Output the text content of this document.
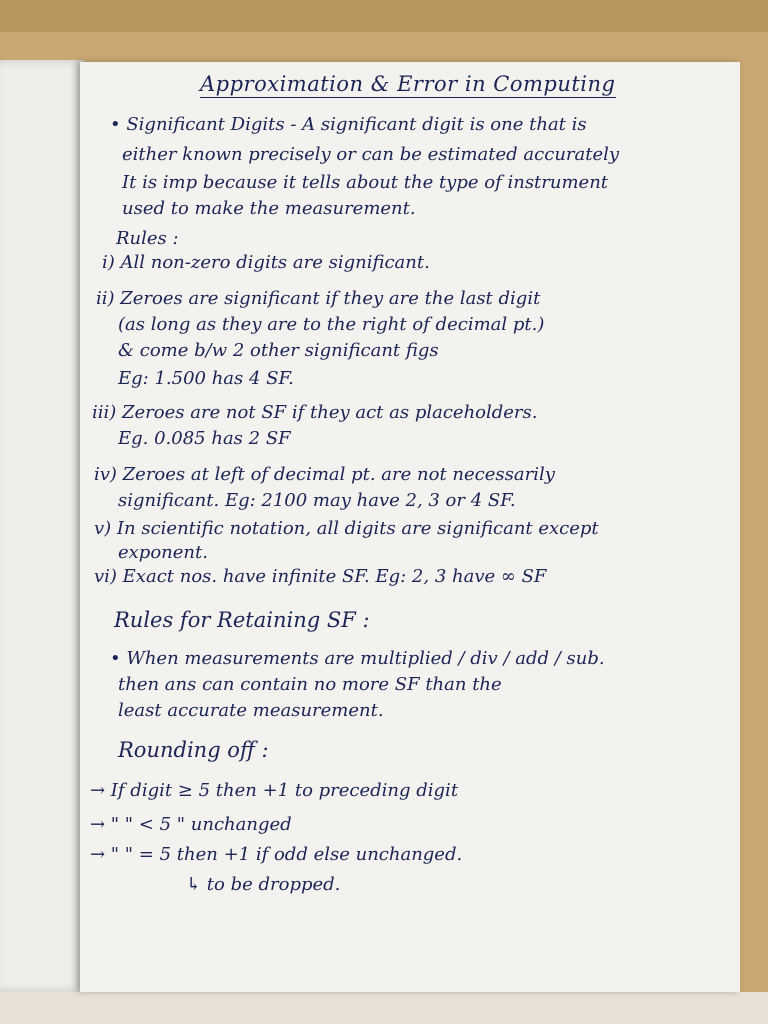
Approximation & Error in Computing
• Significant Digits - A significant digit is one that is
either known precisely or can be estimated accurately
It is imp because it tells about the type of instrument
used to make the measurement.
Rules :
i) All non-zero digits are significant.
ii) Zeroes are significant if they are the last digit
(as long as they are to the right of decimal pt.)
& come b/w 2 other significant figs
Eg: 1.500 has 4 SF.
iii) Zeroes are not SF if they act as placeholders.
Eg. 0.085 has 2 SF
iv) Zeroes at left of decimal pt. are not necessarily
significant. Eg: 2100 may have 2, 3 or 4 SF.
v) In scientific notation, all digits are significant except
exponent.
vi) Exact nos. have infinite SF. Eg: 2, 3 have ∞ SF
Rules for Retaining SF :
• When measurements are multiplied / div / add / sub.
then ans can contain no more SF than the
least accurate measurement.
Rounding off :
→ If digit ≥ 5 then +1 to preceding digit
→ " " < 5 " unchanged
→ " " = 5 then +1 if odd else unchanged.
↳ to be dropped.
